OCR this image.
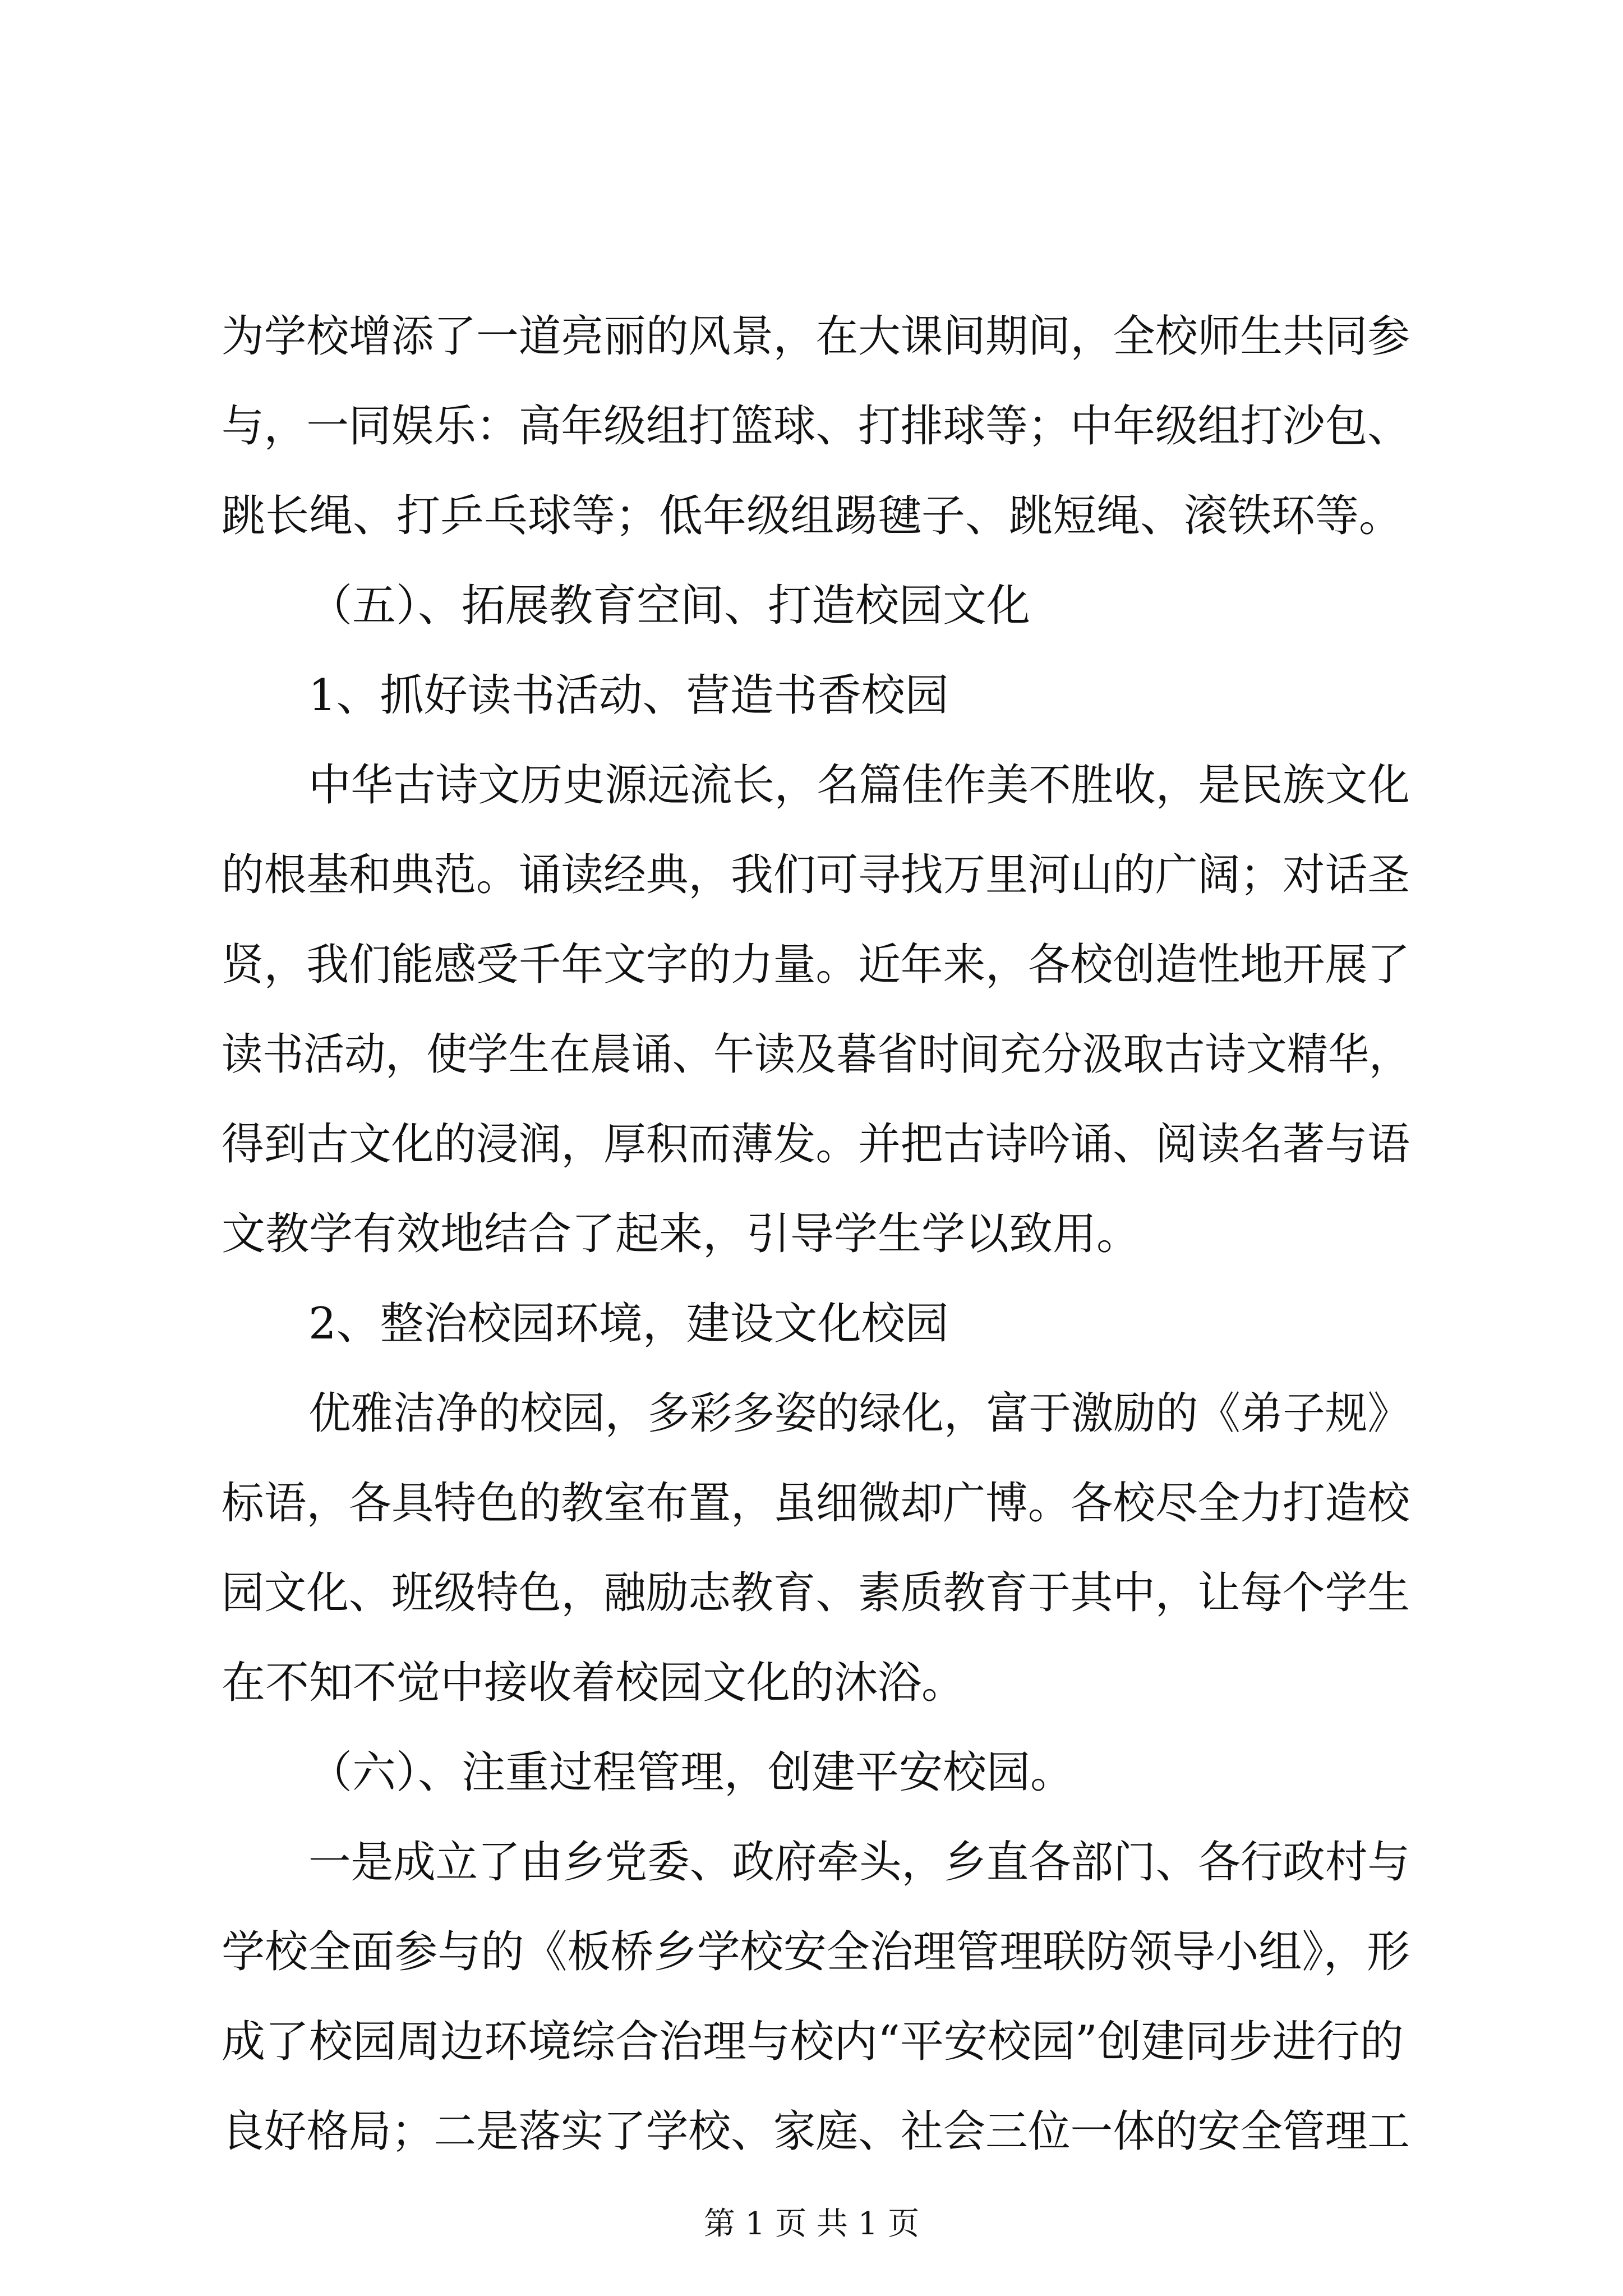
为学校增添了一道亮丽的风景，在大课间期间，全校师生共同参
与，一同娱乐：高年级组打篮球、打排球等；中年级组打沙包、
跳长绳、打乒乓球等；低年级组踢毽子、跳短绳、滚铁环等。
（五）、拓展教育空间、打造校园文化
1、抓好读书活动、营造书香校园
中华古诗文历史源远流长，名篇佳作美不胜收，是民族文化
的根基和典范。诵读经典，我们可寻找万里河山的广阔；对话圣
贤，我们能感受千年文字的力量。近年来，各校创造性地开展了
读书活动，使学生在晨诵、午读及暮省时间充分汲取古诗文精华，
得到古文化的浸润，厚积而薄发。并把古诗吟诵、阅读名著与语
文教学有效地结合了起来，引导学生学以致用。
2、整治校园环境，建设文化校园
优雅洁净的校园，多彩多姿的绿化，富于激励的《弟子规》
标语，各具特色的教室布置，虽细微却广博。各校尽全力打造校
园文化、班级特色，融励志教育、素质教育于其中，让每个学生
在不知不觉中接收着校园文化的沐浴。
（六）、注重过程管理，创建平安校园。
一是成立了由乡党委、政府牵头，乡直各部门、各行政村与
学校全面参与的《板桥乡学校安全治理管理联防领导小组》，形
成了校园周边环境综合治理与校内“平安校园”创建同步进行的
良好格局；二是落实了学校、家庭、社会三位一体的安全管理工
第 1 页 共 1 页
